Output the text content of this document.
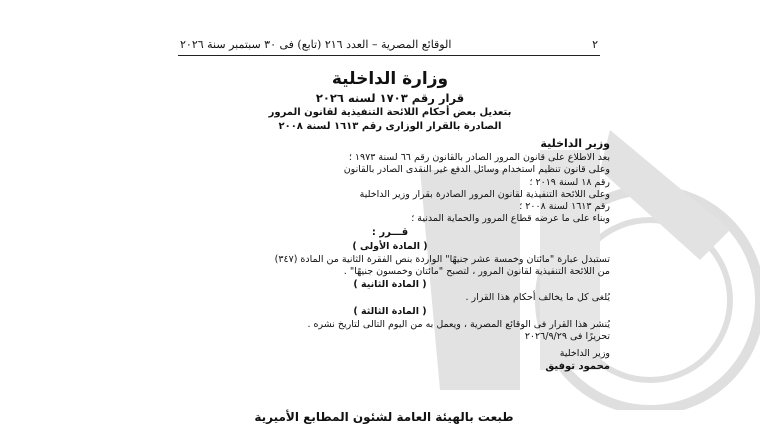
٢
الوقائع المصرية – العدد ٢١٦ (تابع) فى ٣٠ سبتمبر سنة ٢٠٢٦
وزارة الداخلية
قرار رقم ١٧٠٣ لسنه ٢٠٢٦
بتعديل بعض أحكام اللائحة التنفيذية لقانون المرور
الصادرة بالقرار الوزارى رقم ١٦١٣ لسنة ٢٠٠٨
وزير الداخلية
بعد الاطلاع على قانون المرور الصادر بالقانون رقم ٦٦ لسنة ١٩٧٣ ؛
وعلى قانون تنظيم استخدام وسائل الدفع غير النقدى الصادر بالقانون
رقم ١٨ لسنة ٢٠١٩ ؛
وعلى اللائحة التنفيذية لقانون المرور الصادرة بقرار وزير الداخلية
رقم ١٦١٣ لسنة ٢٠٠٨ ؛
وبناء على ما عرضه قطاع المرور والحماية المدنية ؛
قـــرر :
( المادة الأولى )
تستبدل عبارة "مائتان وخمسة عشر جنيهًا" الواردة بنص الفقرة الثانية من المادة (٣٤٧)
من اللائحة التنفيذية لقانون المرور ، لتصبح "مائتان وخمسون جنيهًا" .
( المادة الثانية )
يُلغى كل ما يخالف أحكام هذا القرار .
( المادة الثالثة )
يُنشر هذا القرار فى الوقائع المصرية ، ويعمل به من اليوم التالى لتاريخ نشره .
تحريرًا فى ٢٠٢٦/٩/٢٩
وزير الداخلية
محمود توفيق
طبعت بالهيئة العامة لشئون المطابع الأميرية
